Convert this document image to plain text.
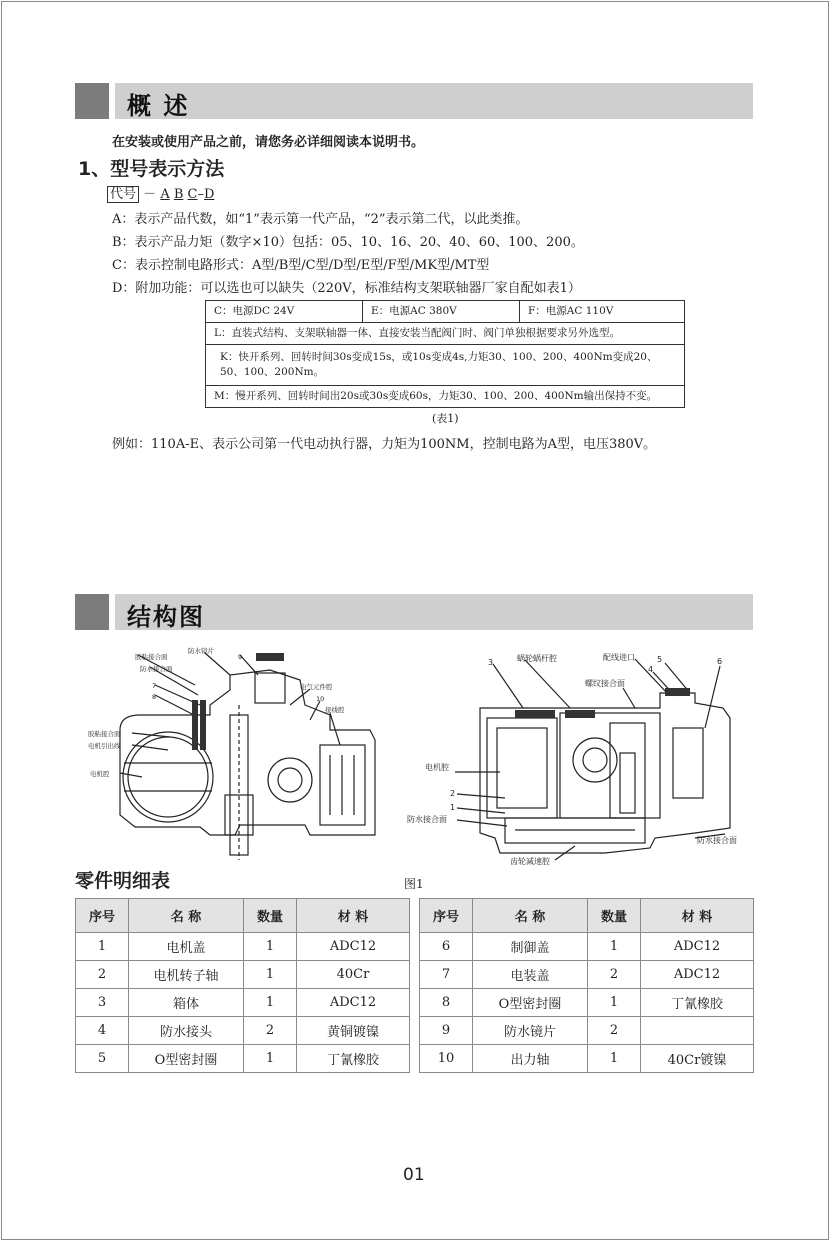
概 述
在安装或使用产品之前，请您务必详细阅读本说明书。
1、型号表示方法
代号 － A B C–D
A：表示产品代数，如“1”表示第一代产品，“2”表示第二代，以此类推。
B：表示产品力矩（数字×10）包括：05、10、16、20、40、60、100、200。
C：表示控制电路形式：A型/B型/C型/D型/E型/F型/MK型/MT型
D：附加功能：可以选也可以缺失（220V，标准结构支架联轴器厂家自配如表1）
C：电源DC 24V	E：电源AC 380V	F：电源AC 110V
L：直装式结构、支架联轴器一体、直接安装当配阀门时、阀门单独根据要求另外选型。
K：快开系列、回转时间30s变成15s，或10s变成4s,力矩30、100、200、400Nm变成20、50、100、200Nm。
M：慢开系列、回转时间出20s或30s变成60s，力矩30、100、200、400Nm输出保持不变。
(表1)
例如：110A-E、表示公司第一代电动执行器，力矩为100NM，控制电路为A型，电压380V。
结构图
胶粘接合面
防水接合面
防水镜片
9
7
8
电气元件腔
10
接线腔
胶粘接合面
电机引出线
电机腔
3	蜗轮蜗杆腔	配线进口	5
4
螺纹接合面
6
电机腔
2
1
防水接合面
防水接合面
齿轮减速腔
零件明细表	图1
序号	名 称	数量	材 料
1	电机盖	1	ADC12
2	电机转子轴	1	40Cr
3	箱体	1	ADC12
4	防水接头	2	黄铜镀镍
5	O型密封圈	1	丁氰橡胶
序号	名 称	数量	材 料
6	制御盖	1	ADC12
7	电装盖	2	ADC12
8	O型密封圈	1	丁氰橡胶
9	防水镜片	2	
10	出力轴	1	40Cr镀镍
01
